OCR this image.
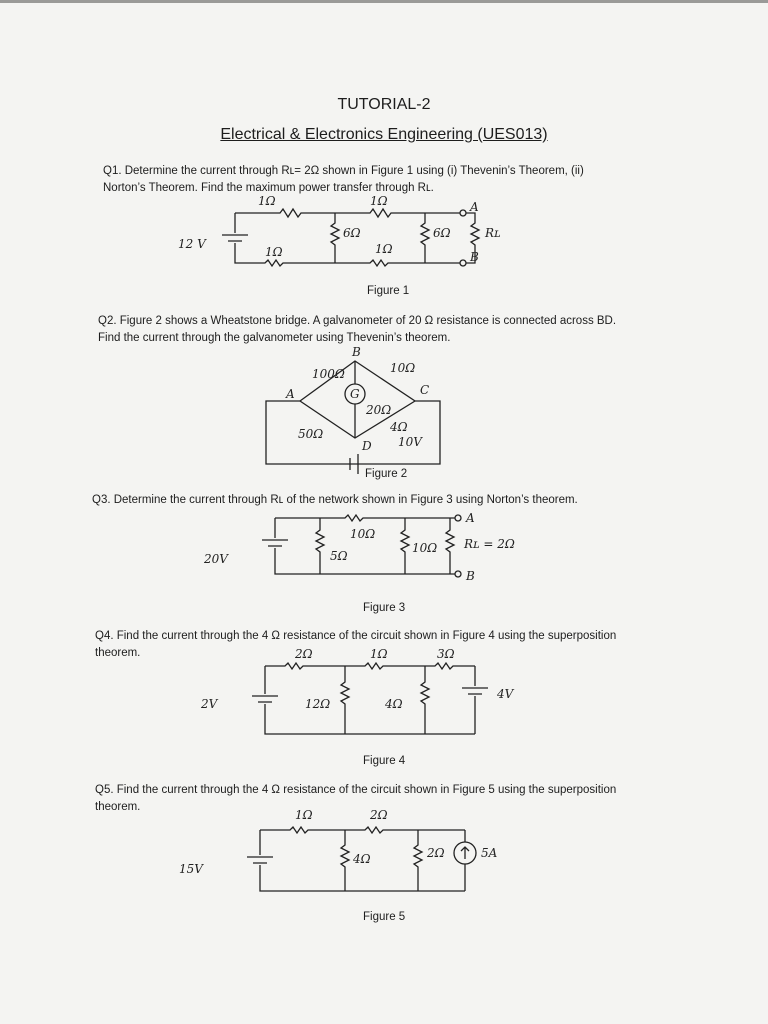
TUTORIAL-2
Electrical & Electronics Engineering (UES013)
Q1. Determine the current through Rʟ= 2Ω shown in Figure 1 using (i) Thevenin’s Theorem, (ii)
Norton’s Theorem. Find the maximum power transfer through Rʟ.
12 V
1Ω
1Ω
1Ω
6Ω
1Ω
6Ω	Rʟ
A
B
Figure 1
Q2. Figure 2 shows a Wheatstone bridge. A galvanometer of 20 Ω resistance is connected across BD.
Find the current through the galvanometer using Thevenin’s theorem.
100Ω	10Ω
50Ω	4Ω
20Ω
G
A
B
C
D 10V
Figure 2
Q3. Determine the current through Rʟ of the network shown in Figure 3 using Norton’s theorem.
20V
10Ω
5Ω
10Ω Rʟ = 2Ω
A
B
Figure 3
Q4. Find the current through the 4 Ω resistance of the circuit shown in Figure 4 using the superposition
theorem.
2V
4V
2Ω	1Ω	3Ω
12Ω	4Ω
Figure 4
Q5. Find the current through the 4 Ω resistance of the circuit shown in Figure 5 using the superposition
theorem.
15V
1Ω	2Ω
4Ω	2Ω	5A
Figure 5
